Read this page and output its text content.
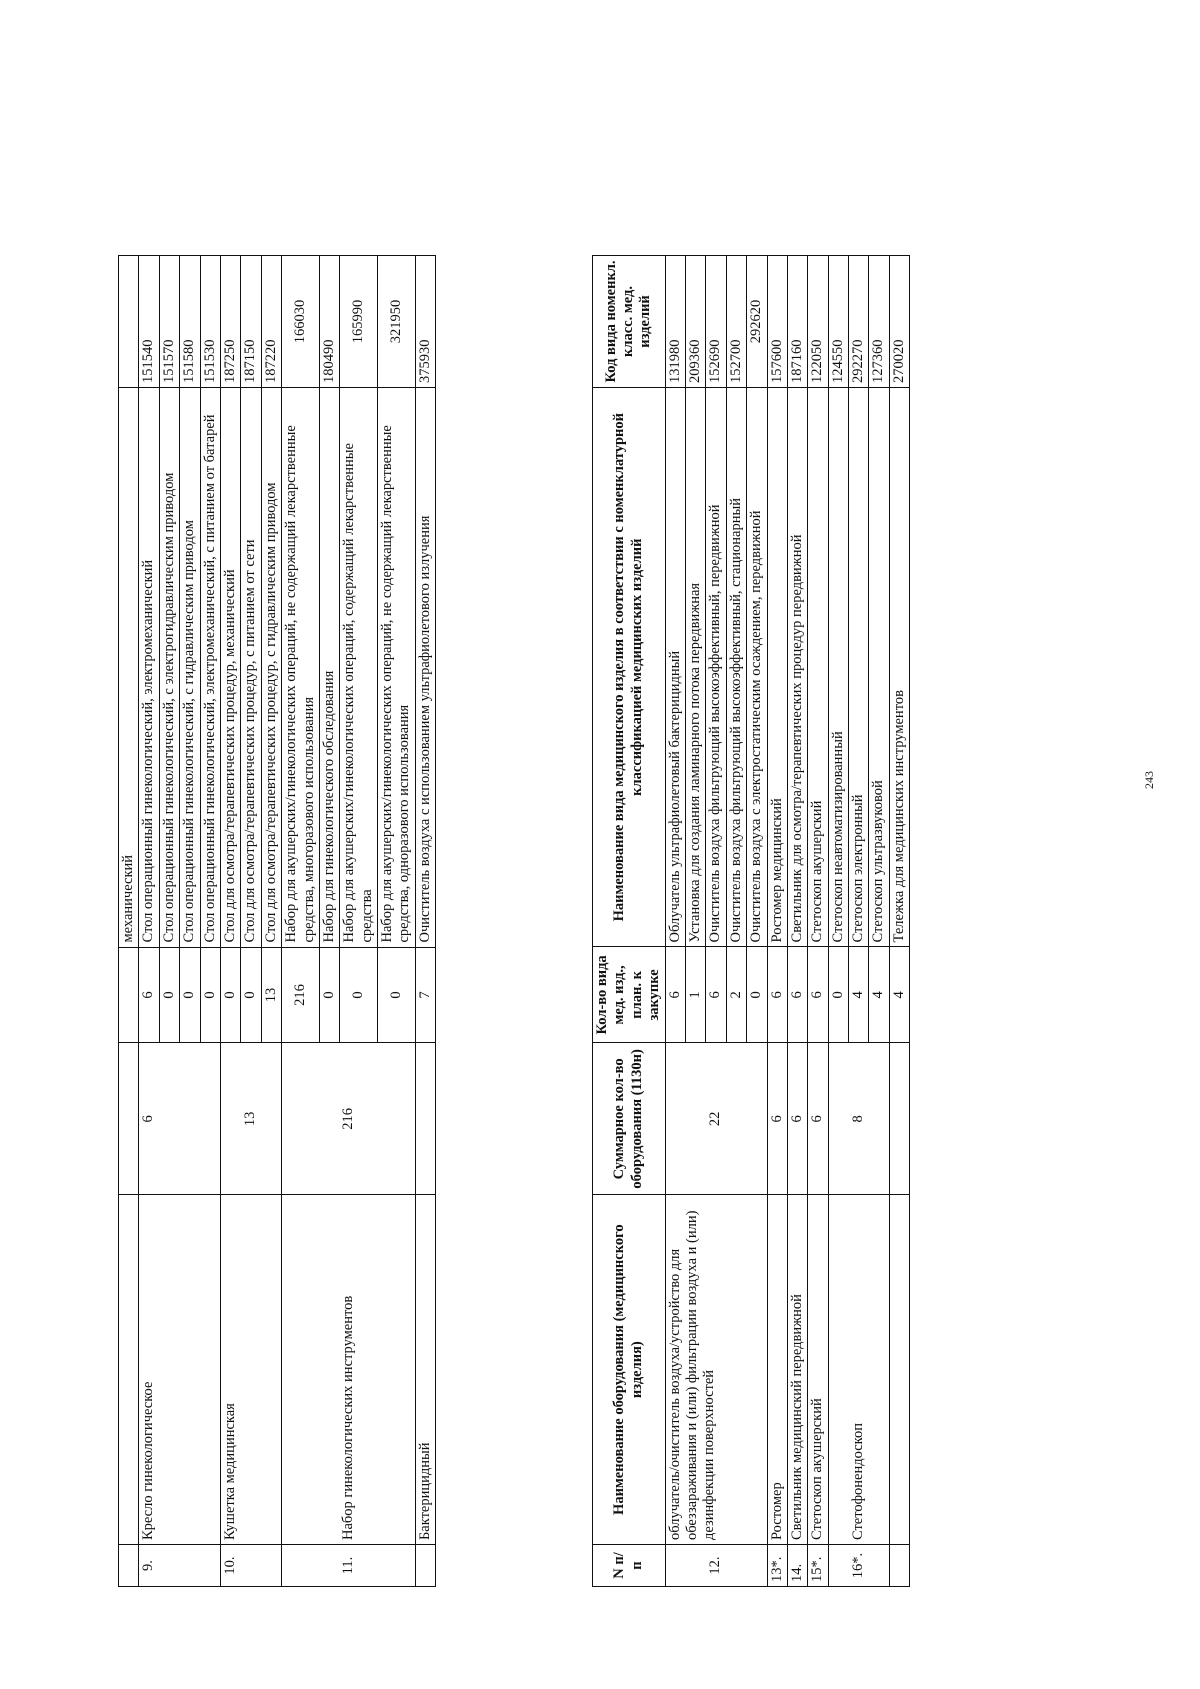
				механический	
9.	Кресло гинекологическое	6	6	Стол операционный гинекологический, электромеханический	151540
			0	Стол операционный гинекологический, с электрогидравлическим приводом	151570
			0	Стол операционный гинекологический, с гидравлическим приводом	151580
			0	Стол операционный гинекологический, электромеханический, с питанием от батарей	151530
10.	Кушетка медицинская	13	0	Стол для осмотра/терапевтических процедур, механический	187250
			0	Стол для осмотра/терапевтических процедур, с питанием от сети	187150
			13	Стол для осмотра/терапевтических процедур, с гидравлическим приводом	187220
11.	Набор гинекологических инструментов	216	216	Набор для акушерских/гинекологических операций, не содержащий лекарственные средства, многоразового использования	166030
			0	Набор для гинекологического обследования	180490
			0	Набор для акушерских/гинекологических операций, содержащий лекарственные средства	165990
			0	Набор для акушерских/гинекологических операций, не содержащий лекарственные средства, одноразового использования	321950
	Бактерицидный		7	Очиститель воздуха с использованием ультрафиолетового излучения	375930
N п/п	Наименование оборудования (медицинского изделия)	Суммарное кол-во оборудования (1130н)	Кол-во вида мед. изд., план. к закупке	Наименование вида медицинского изделия в соответствии с номенклатурной классификацией медицинских изделий	Код вида номенкл. класс. мед. изделий
12.	облучатель/очиститель воздуха/устройство для обеззараживания и (или) фильтрации воздуха и (или) дезинфекции поверхностей	22	6	Облучатель ультрафиолетовый бактерицидный	131980
			1	Установка для создания ламинарного потока передвижная	209360
			6	Очиститель воздуха фильтрующий высокоэффективный, передвижной	152690
			2	Очиститель воздуха фильтрующий высокоэффективный, стационарный	152700
			0	Очиститель воздуха с электростатическим осаждением, передвижной	292620
13*.	Ростомер	6	6	Ростомер медицинский	157600
14.	Светильник медицинский передвижной	6	6	Светильник для осмотра/терапевтических процедур передвижной	187160
15*.	Стетоскоп акушерский	6	6	Стетоскоп акушерский	122050
16*.	Стетофонендоскоп	8	0	Стетоскоп неавтоматизированный	124550
			4	Стетоскоп электронный	292270
			4	Стетоскоп ультразвуковой	127360
			4	Тележка для медицинских инструментов	270020
243
